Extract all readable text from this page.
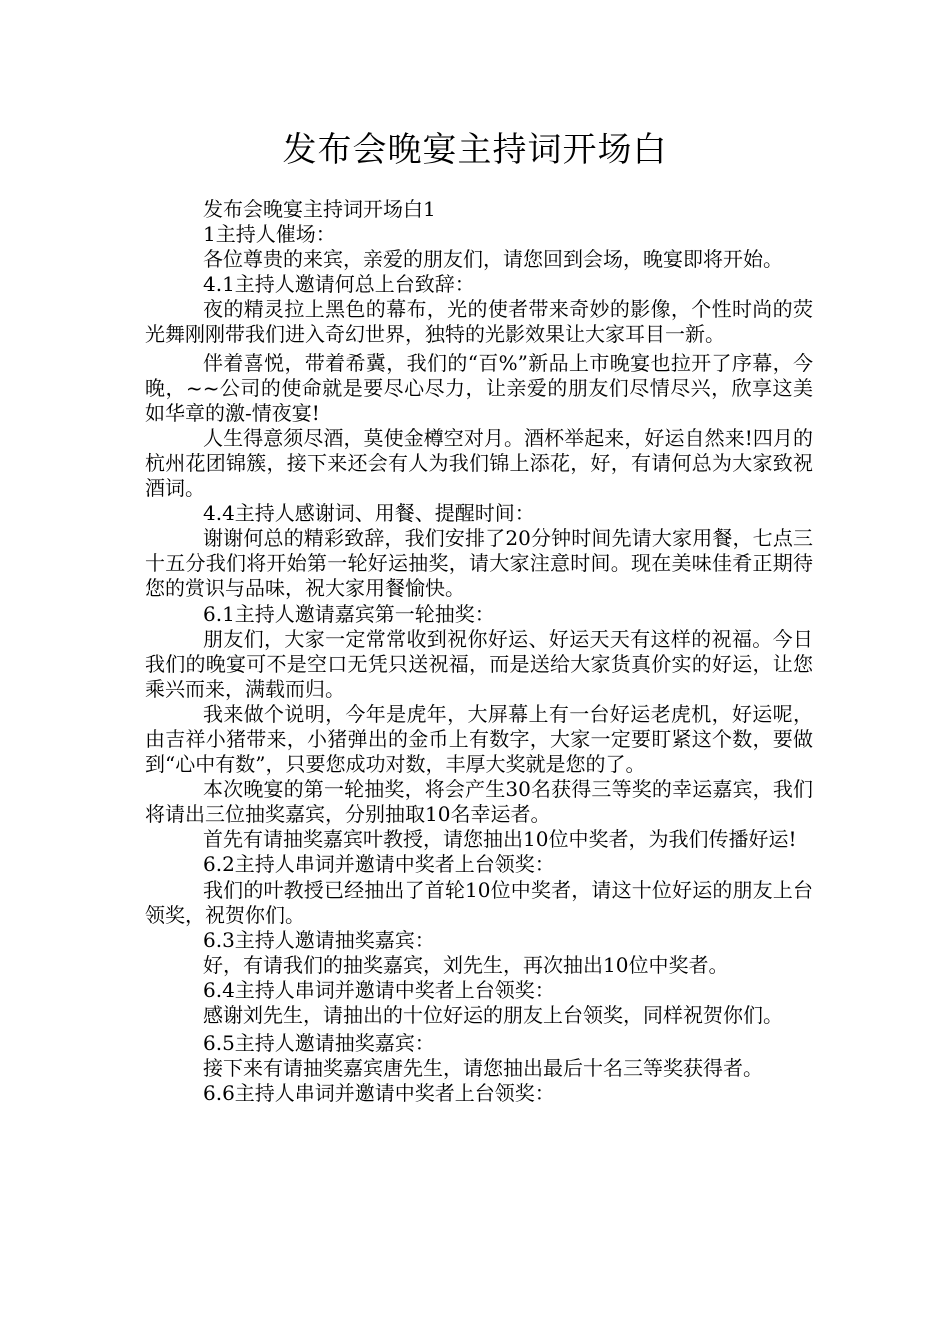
发布会晚宴主持词开场白

发布会晚宴主持词开场白1

1主持人催场：

各位尊贵的来宾，亲爱的朋友们，请您回到会场，晚宴即将开始。

4.1主持人邀请何总上台致辞：

夜的精灵拉上黑色的幕布，光的使者带来奇妙的影像，个性时尚的荧光舞刚刚带我们进入奇幻世界，独特的光影效果让大家耳目一新。

伴着喜悦，带着希冀，我们的“百%”新品上市晚宴也拉开了序幕，今晚，~~公司的使命就是要尽心尽力，让亲爱的朋友们尽情尽兴，欣享这美如华章的激-情夜宴!

人生得意须尽酒，莫使金樽空对月。酒杯举起来，好运自然来!四月的杭州花团锦簇，接下来还会有人为我们锦上添花，好，有请何总为大家致祝酒词。

4.4主持人感谢词、用餐、提醒时间：

谢谢何总的精彩致辞，我们安排了20分钟时间先请大家用餐，七点三十五分我们将开始第一轮好运抽奖，请大家注意时间。现在美味佳肴正期待您的赏识与品味，祝大家用餐愉快。

6.1主持人邀请嘉宾第一轮抽奖：

朋友们，大家一定常常收到祝你好运、好运天天有这样的祝福。今日我们的晚宴可不是空口无凭只送祝福，而是送给大家货真价实的好运，让您乘兴而来，满载而归。

我来做个说明，今年是虎年，大屏幕上有一台好运老虎机，好运呢，由吉祥小猪带来，小猪弹出的金币上有数字，大家一定要盯紧这个数，要做到“心中有数”，只要您成功对数，丰厚大奖就是您的了。

本次晚宴的第一轮抽奖，将会产生30名获得三等奖的幸运嘉宾，我们将请出三位抽奖嘉宾，分别抽取10名幸运者。

首先有请抽奖嘉宾叶教授，请您抽出10位中奖者，为我们传播好运!

6.2主持人串词并邀请中奖者上台领奖：

我们的叶教授已经抽出了首轮10位中奖者，请这十位好运的朋友上台领奖，祝贺你们。

6.3主持人邀请抽奖嘉宾：

好，有请我们的抽奖嘉宾，刘先生，再次抽出10位中奖者。

6.4主持人串词并邀请中奖者上台领奖：

感谢刘先生，请抽出的十位好运的朋友上台领奖，同样祝贺你们。

6.5主持人邀请抽奖嘉宾：

接下来有请抽奖嘉宾唐先生，请您抽出最后十名三等奖获得者。

6.6主持人串词并邀请中奖者上台领奖：
